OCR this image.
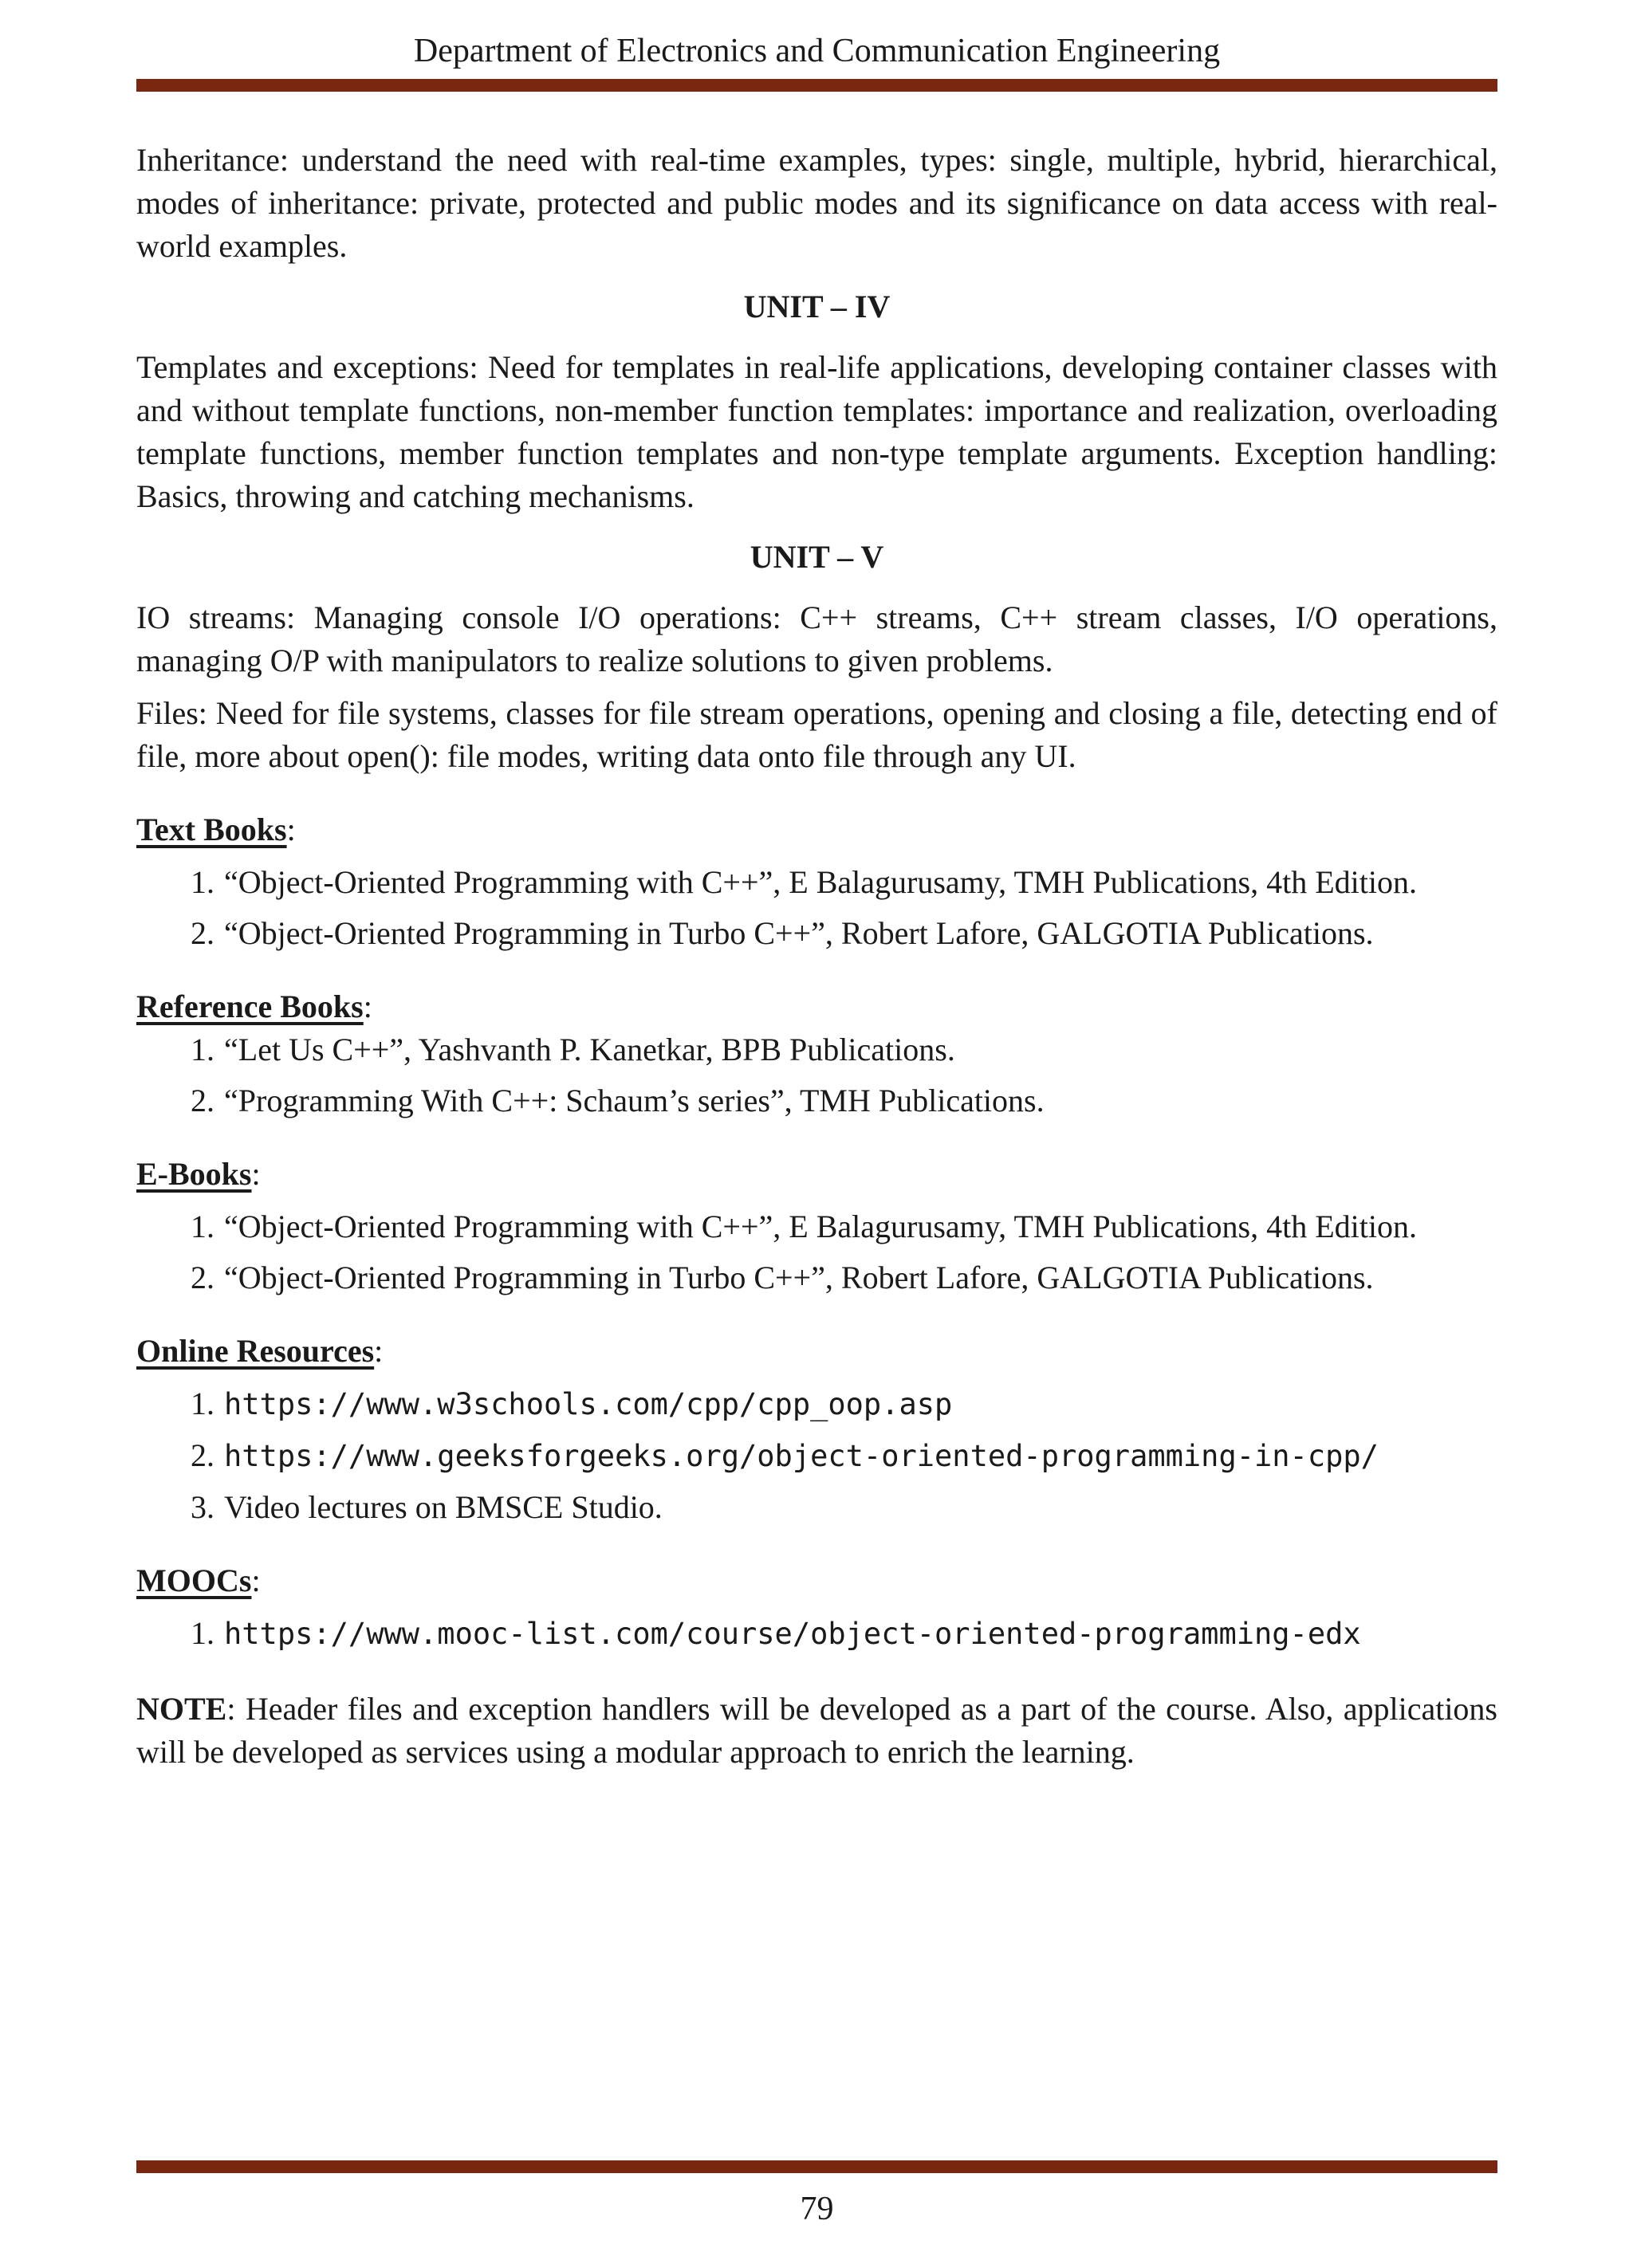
Department of Electronics and Communication Engineering

Inheritance: understand the need with real-time examples, types: single, multiple, hybrid, hierarchical, modes of inheritance: private, protected and public modes and its significance on data access with real-world examples.

UNIT – IV

Templates and exceptions: Need for templates in real-life applications, developing container classes with and without template functions, non-member function templates: importance and realization, overloading template functions, member function templates and non-type template arguments. Exception handling: Basics, throwing and catching mechanisms.

UNIT – V

IO streams: Managing console I/O operations: C++ streams, C++ stream classes, I/O operations, managing O/P with manipulators to realize solutions to given problems.

Files: Need for file systems, classes for file stream operations, opening and closing a file, detecting end of file, more about open(): file modes, writing data onto file through any UI.

Text Books:
1. “Object-Oriented Programming with C++”, E Balagurusamy, TMH Publications, 4th Edition.
2. “Object-Oriented Programming in Turbo C++”, Robert Lafore, GALGOTIA Publications.
Reference Books:
1. “Let Us C++”, Yashvanth P. Kanetkar, BPB Publications.
2. “Programming With C++: Schaum’s series”, TMH Publications.
E-Books:
1. “Object-Oriented Programming with C++”, E Balagurusamy, TMH Publications, 4th Edition.
2. “Object-Oriented Programming in Turbo C++”, Robert Lafore, GALGOTIA Publications.
Online Resources:
1. https://www.w3schools.com/cpp/cpp_oop.asp
2. https://www.geeksforgeeks.org/object-oriented-programming-in-cpp/
3. Video lectures on BMSCE Studio.
MOOCs:
1. https://www.mooc-list.com/course/object-oriented-programming-edx

NOTE: Header files and exception handlers will be developed as a part of the course. Also, applications will be developed as services using a modular approach to enrich the learning.

79
